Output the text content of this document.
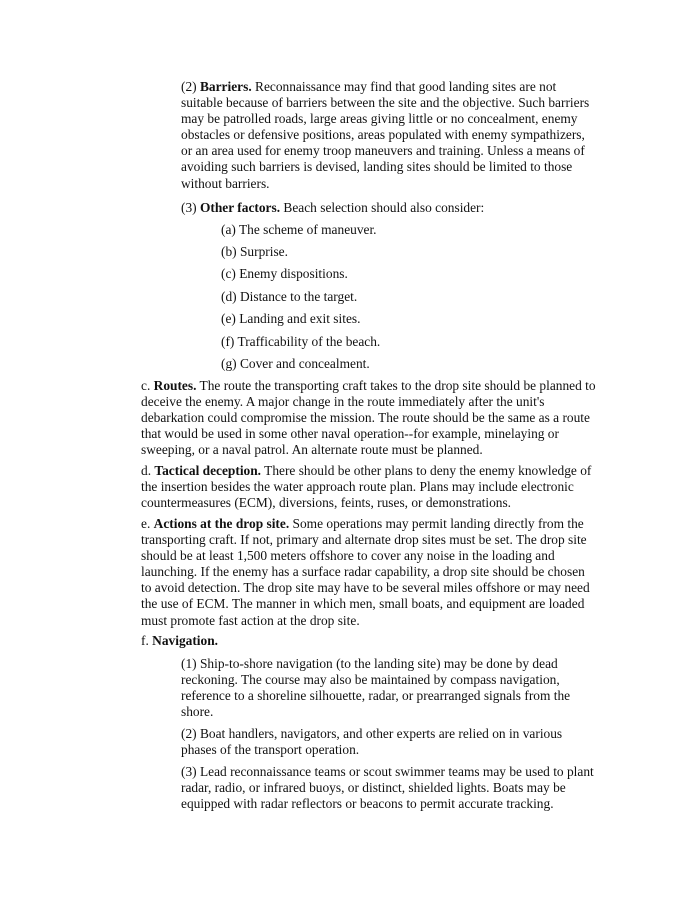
(2) Barriers. Reconnaissance may find that good landing sites are not suitable because of barriers between the site and the objective. Such barriers may be patrolled roads, large areas giving little or no concealment, enemy obstacles or defensive positions, areas populated with enemy sympathizers, or an area used for enemy troop maneuvers and training. Unless a means of avoiding such barriers is devised, landing sites should be limited to those without barriers.

(3) Other factors. Beach selection should also consider:

(a) The scheme of maneuver.

(b) Surprise.

(c) Enemy dispositions.

(d) Distance to the target.

(e) Landing and exit sites.

(f) Trafficability of the beach.

(g) Cover and concealment.

c. Routes. The route the transporting craft takes to the drop site should be planned to deceive the enemy. A major change in the route immediately after the unit's debarkation could compromise the mission. The route should be the same as a route that would be used in some other naval operation--for example, minelaying or sweeping, or a naval patrol. An alternate route must be planned.

d. Tactical deception. There should be other plans to deny the enemy knowledge of the insertion besides the water approach route plan. Plans may include electronic countermeasures (ECM), diversions, feints, ruses, or demonstrations.

e. Actions at the drop site. Some operations may permit landing directly from the transporting craft. If not, primary and alternate drop sites must be set. The drop site should be at least 1,500 meters offshore to cover any noise in the loading and launching. If the enemy has a surface radar capability, a drop site should be chosen to avoid detection. The drop site may have to be several miles offshore or may need the use of ECM. The manner in which men, small boats, and equipment are loaded must promote fast action at the drop site.

f. Navigation.

(1) Ship-to-shore navigation (to the landing site) may be done by dead reckoning. The course may also be maintained by compass navigation, reference to a shoreline silhouette, radar, or prearranged signals from the shore.

(2) Boat handlers, navigators, and other experts are relied on in various phases of the transport operation.

(3) Lead reconnaissance teams or scout swimmer teams may be used to plant radar, radio, or infrared buoys, or distinct, shielded lights. Boats may be equipped with radar reflectors or beacons to permit accurate tracking.
